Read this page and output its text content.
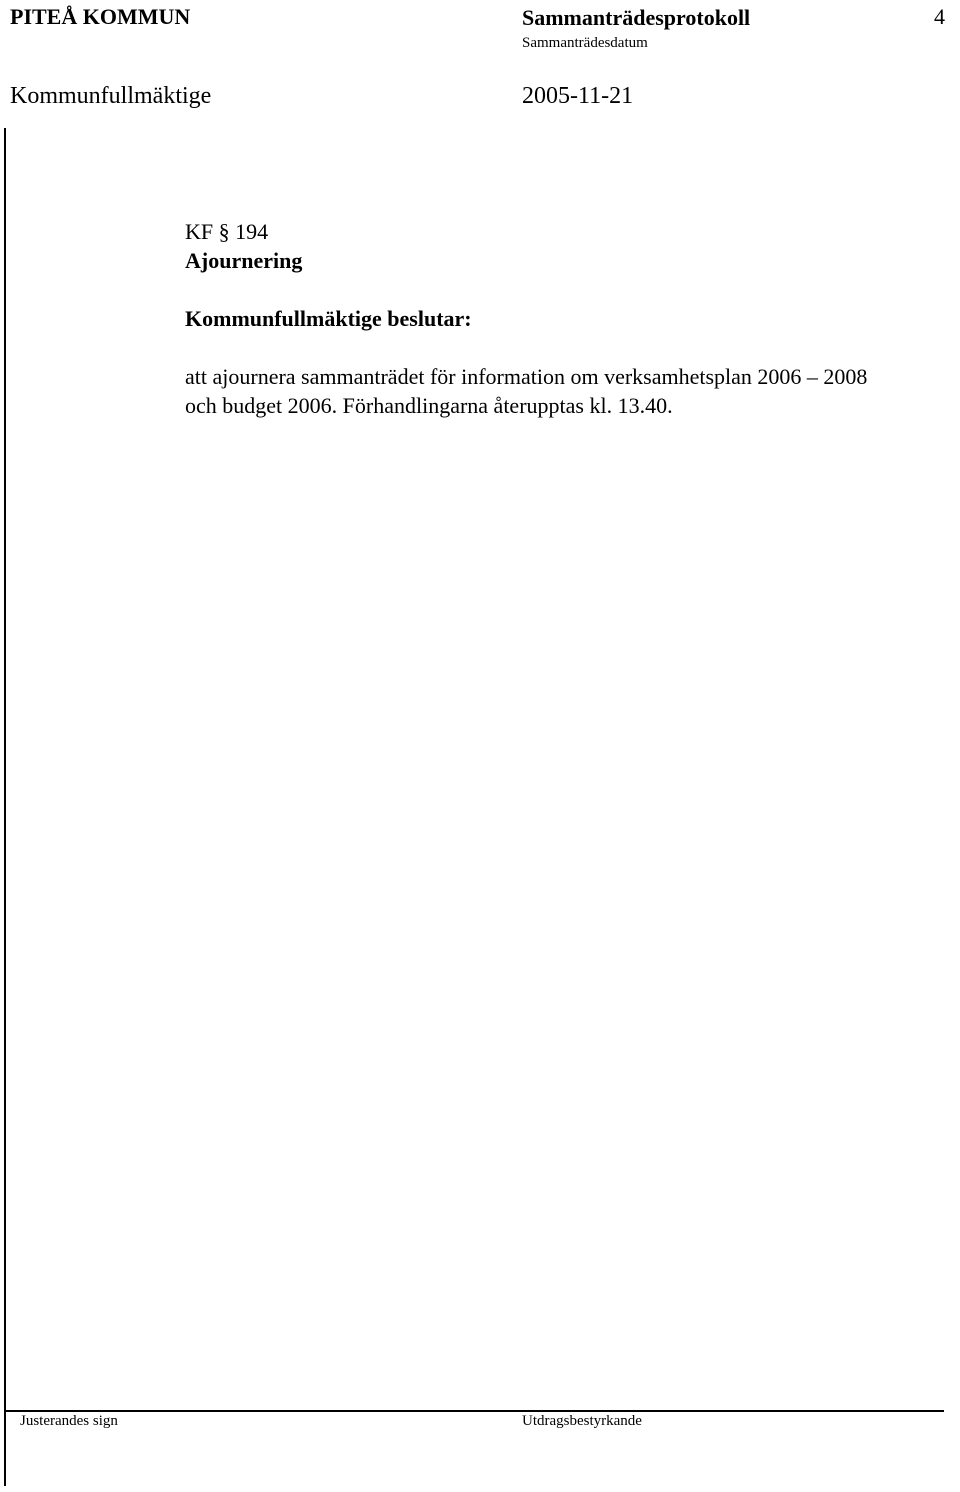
PITEÅ KOMMUN	Sammanträdesprotokoll	4
Sammanträdesdatum
Kommunfullmäktige	2005-11-21
KF § 194
Ajournering
Kommunfullmäktige beslutar:
att ajournera sammanträdet för information om verksamhetsplan 2006 – 2008
och budget 2006. Förhandlingarna återupptas kl. 13.40.
Justerandes sign	Utdragsbestyrkande
